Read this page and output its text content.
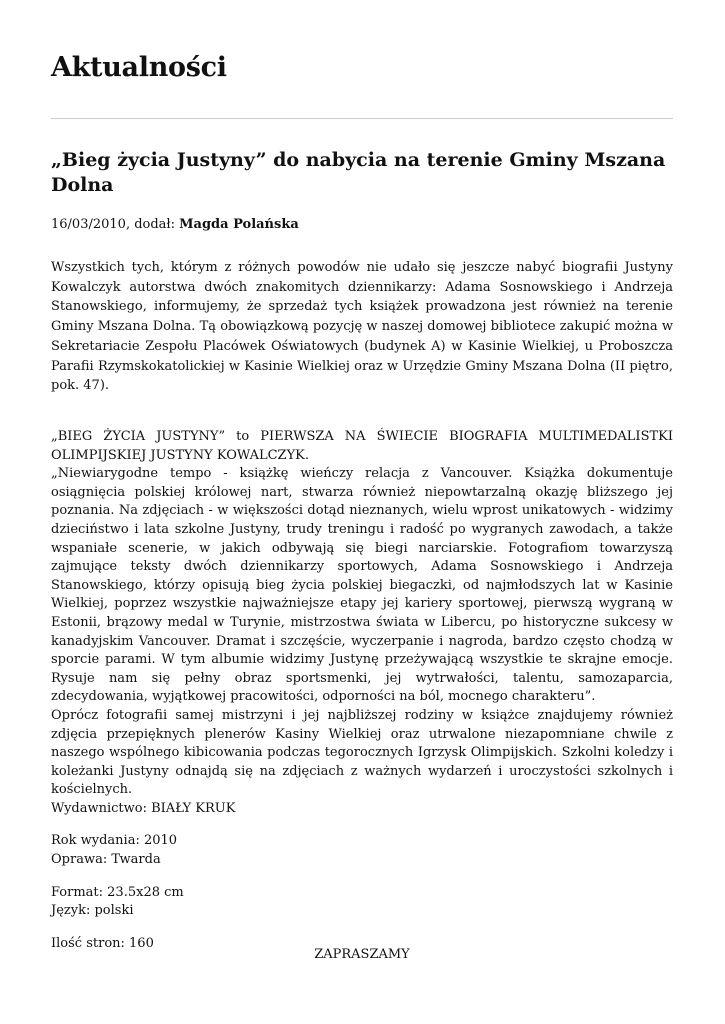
Aktualności
„Bieg życia Justyny” do nabycia na terenie Gminy Mszana Dolna
16/03/2010, dodał: Magda Polańska

Wszystkich tych, którym z różnych powodów nie udało się jeszcze nabyć biografii Justyny Kowalczyk autorstwa dwóch znakomitych dziennikarzy: Adama Sosnowskiego i Andrzeja Stanowskiego, informujemy, że sprzedaż tych książek prowadzona jest również na terenie Gminy Mszana Dolna. Tą obowiązkową pozycję w naszej domowej bibliotece zakupić można w Sekretariacie Zespołu Placówek Oświatowych (budynek A) w Kasinie Wielkiej, u Proboszcza Parafii Rzymskokatolickiej w Kasinie Wielkiej oraz w Urzędzie Gminy Mszana Dolna (II piętro, pok. 47).

„BIEG ŻYCIA JUSTYNY” to PIERWSZA NA ŚWIECIE BIOGRAFIA MULTIMEDALISTKI OLIMPIJSKIEJ JUSTYNY KOWALCZYK.

„Niewiarygodne tempo - książkę wieńczy relacja z Vancouver. Książka dokumentuje osiągnięcia polskiej królowej nart, stwarza również niepowtarzalną okazję bliższego jej poznania. Na zdjęciach - w większości dotąd nieznanych, wielu wprost unikatowych - widzimy dzieciństwo i lata szkolne Justyny, trudy treningu i radość po wygranych zawodach, a także wspaniałe scenerie, w jakich odbywają się biegi narciarskie. Fotografiom towarzyszą zajmujące teksty dwóch dziennikarzy sportowych, Adama Sosnowskiego i Andrzeja Stanowskiego, którzy opisują bieg życia polskiej biegaczki, od najmłodszych lat w Kasinie Wielkiej, poprzez wszystkie najważniejsze etapy jej kariery sportowej, pierwszą wygraną w Estonii, brązowy medal w Turynie, mistrzostwa świata w Libercu, po historyczne sukcesy w kanadyjskim Vancouver. Dramat i szczęście, wyczerpanie i nagroda, bardzo często chodzą w sporcie parami. W tym albumie widzimy Justynę przeżywającą wszystkie te skrajne emocje. Rysuje nam się pełny obraz sportsmenki, jej wytrwałości, talentu, samozaparcia, zdecydowania, wyjątkowej pracowitości, odporności na ból, mocnego charakteru”.

Oprócz fotografii samej mistrzyni i jej najbliższej rodziny w książce znajdujemy również zdjęcia przepięknych plenerów Kasiny Wielkiej oraz utrwalone niezapomniane chwile z naszego wspólnego kibicowania podczas tegorocznych Igrzysk Olimpijskich. Szkolni koledzy i koleżanki Justyny odnajdą się na zdjęciach z ważnych wydarzeń i uroczystości szkolnych i kościelnych.

Wydawnictwo: BIAŁY KRUK

Rok wydania: 2010

Oprawa: Twarda

Format: 23.5x28 cm

Język: polski

Ilość stron: 160

ZAPRASZAMY
